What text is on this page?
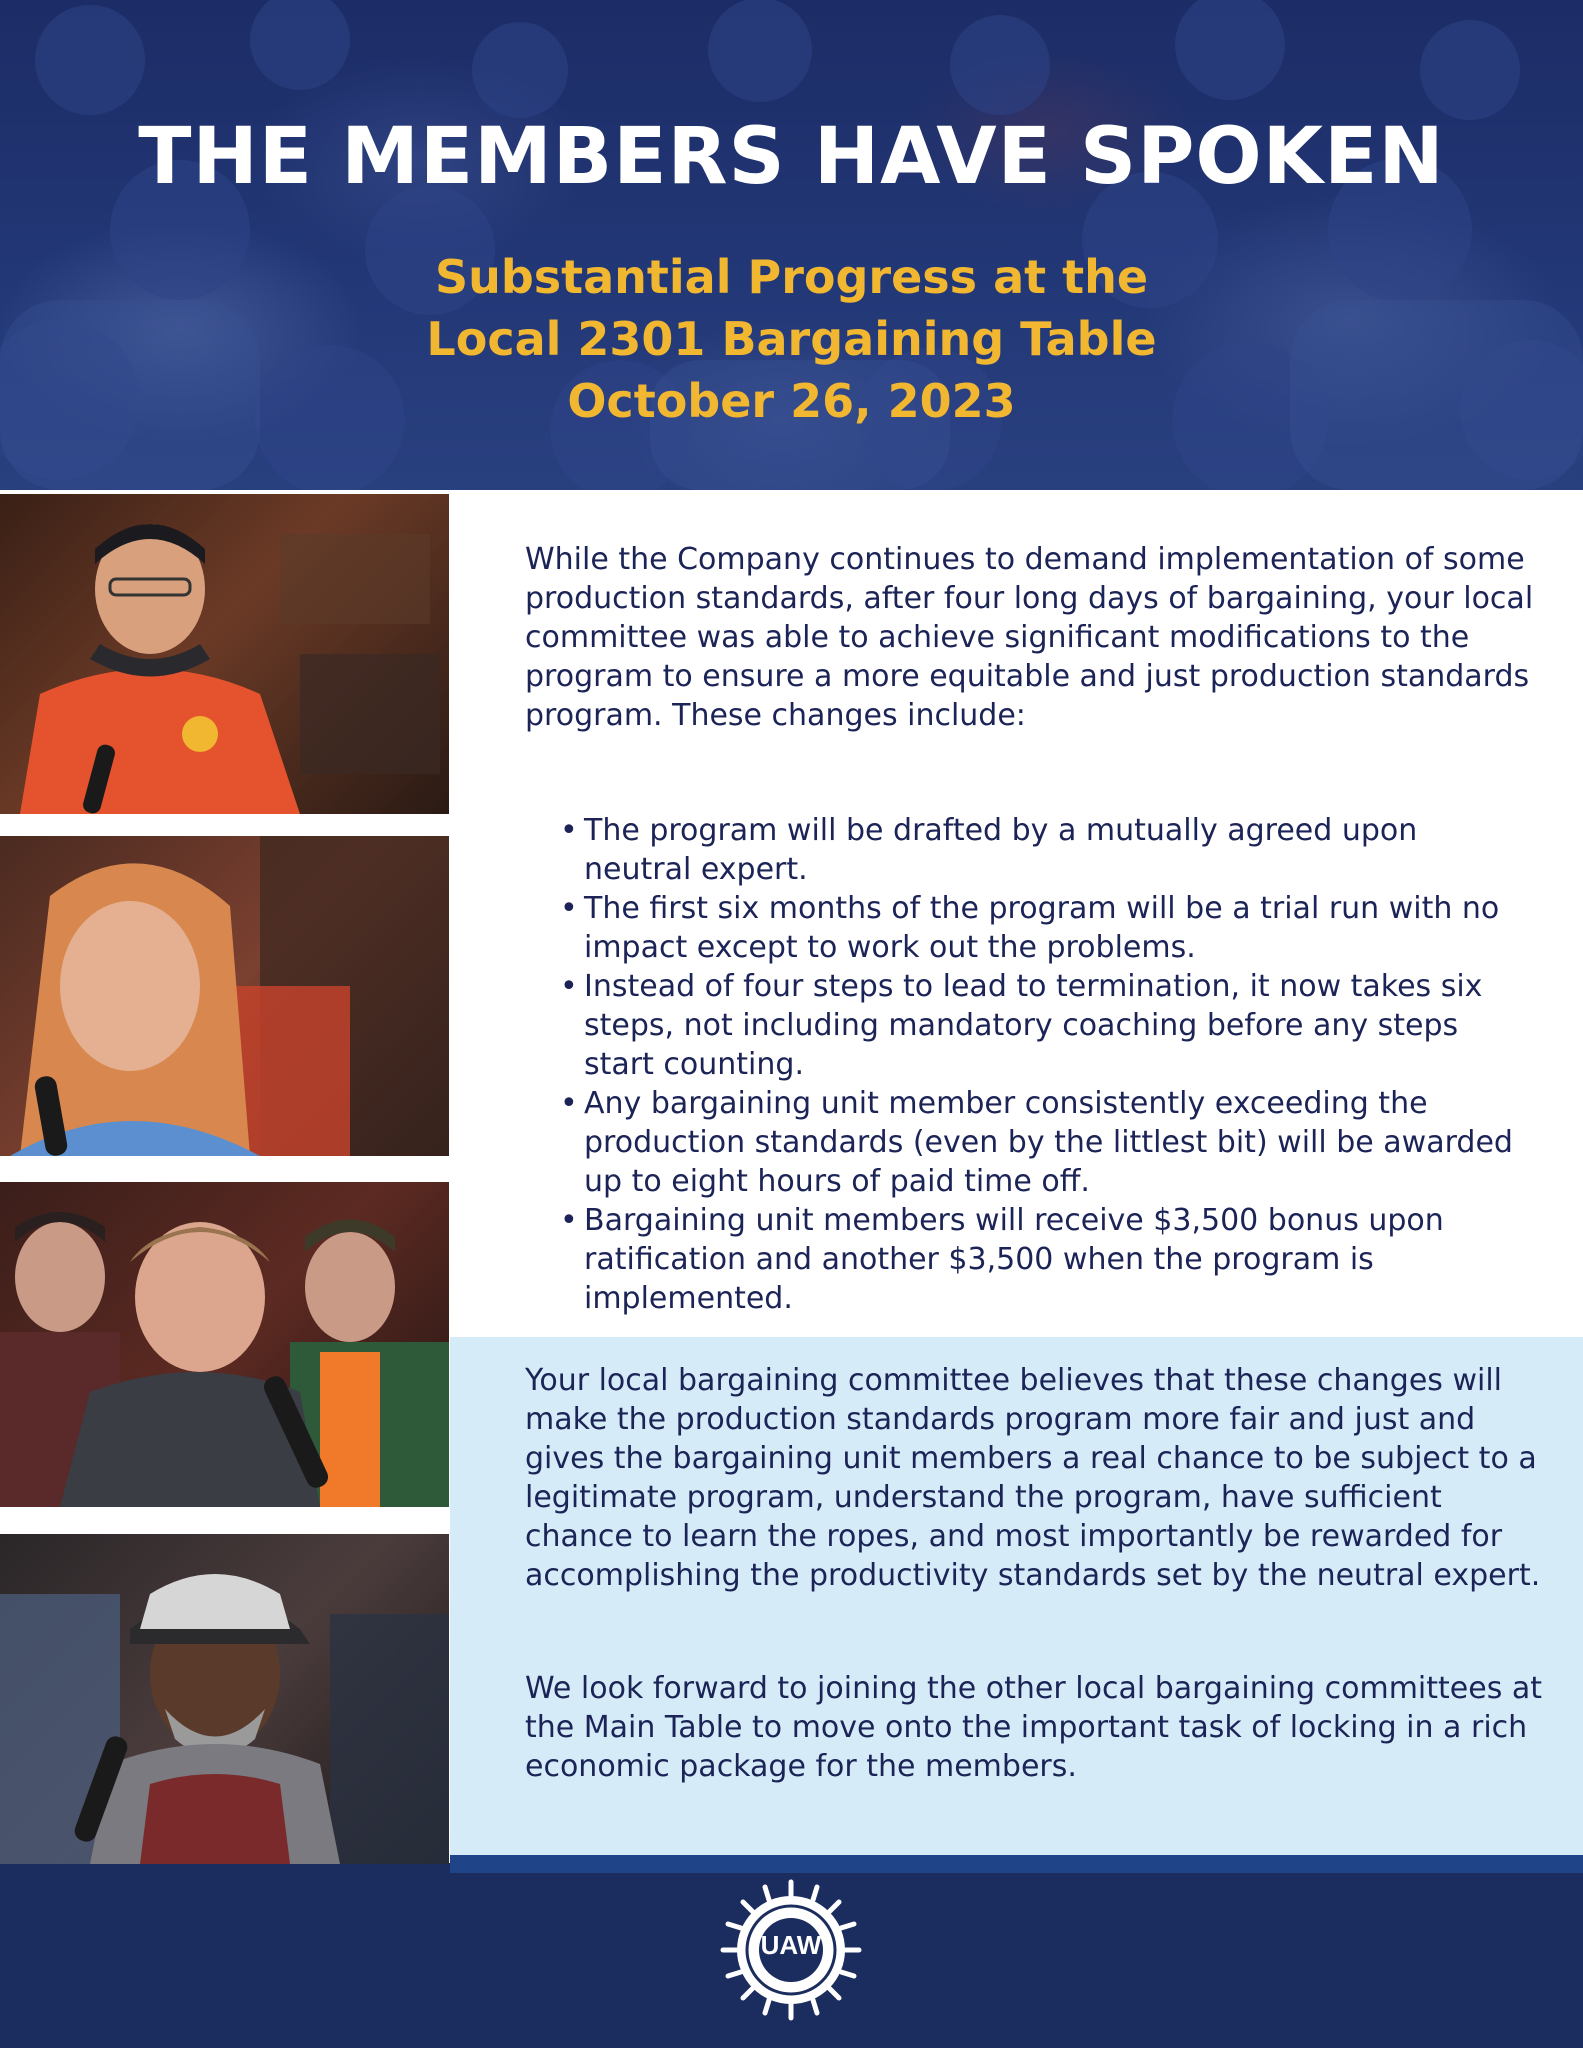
THE MEMBERS HAVE SPOKEN
Substantial Progress at the
Local 2301 Bargaining Table
October 26, 2023

While the Company continues to demand implementation of some production standards, after four long days of bargaining, your local committee was able to achieve significant modifications to the program to ensure a more equitable and just production standards program. These changes include:

• The program will be drafted by a mutually agreed upon neutral expert.
• The first six months of the program will be a trial run with no impact except to work out the problems.
• Instead of four steps to lead to termination, it now takes six steps, not including mandatory coaching before any steps start counting.
• Any bargaining unit member consistently exceeding the production standards (even by the littlest bit) will be awarded up to eight hours of paid time off.
• Bargaining unit members will receive $3,500 bonus upon ratification and another $3,500 when the program is implemented.

Your local bargaining committee believes that these changes will make the production standards program more fair and just and gives the bargaining unit members a real chance to be subject to a legitimate program, understand the program, have sufficient chance to learn the ropes, and most importantly be rewarded for accomplishing the productivity standards set by the neutral expert.

We look forward to joining the other local bargaining committees at the Main Table to move onto the important task of locking in a rich economic package for the members.

UAW
